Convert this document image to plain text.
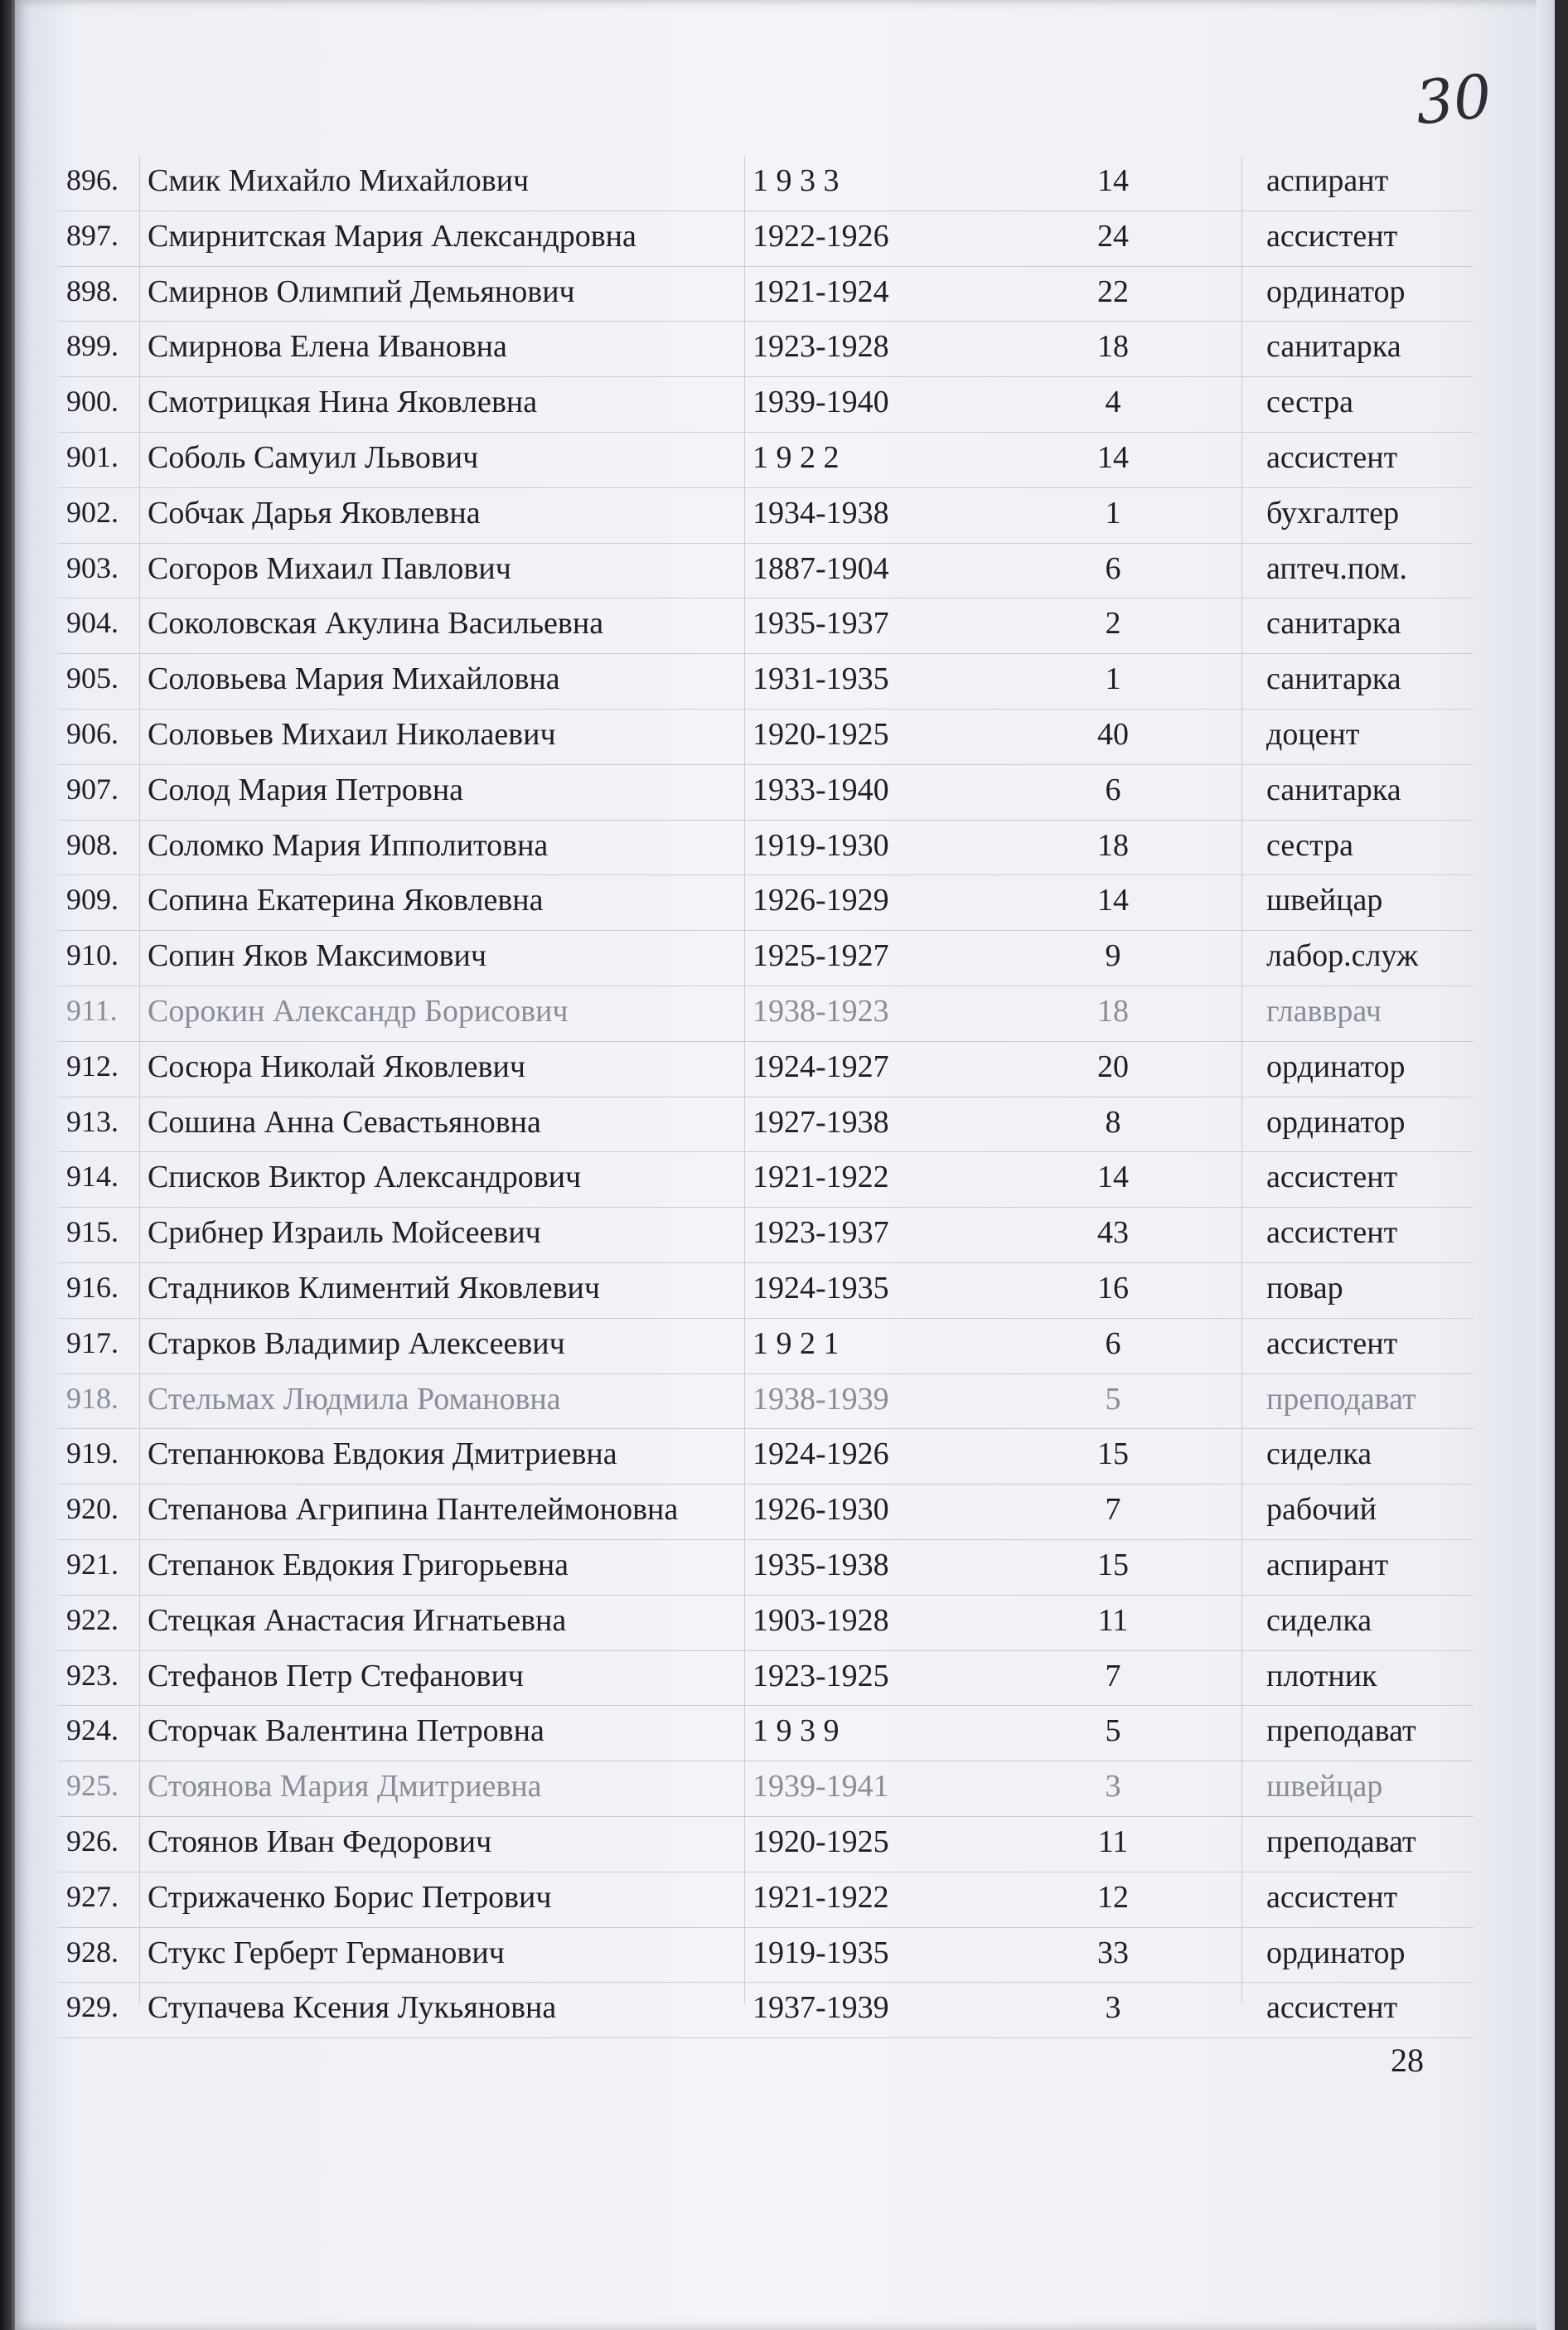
30
896. Смик Михайло Михайлович	1 9 3 3	14	аспирант
897. Смирнитская Мария Александровна	1922-1926	24	ассистент
898. Смирнов Олимпий Демьянович	1921-1924	22	ординатор
899. Смирнова Елена Ивановна	1923-1928	18	санитарка
900. Смотрицкая Нина Яковлевна	1939-1940	4	сестра
901. Соболь Самуил Львович	1 9 2 2	14	ассистент
902. Собчак Дарья Яковлевна	1934-1938	1	бухгалтер
903. Согоров Михаил Павлович	1887-1904	6	аптеч.пом.
904. Соколовская Акулина Васильевна	1935-1937	2	санитарка
905. Соловьева Мария Михайловна	1931-1935	1	санитарка
906. Соловьев Михаил Николаевич	1920-1925	40	доцент
907. Солод Мария Петровна	1933-1940	6	санитарка
908. Соломко Мария Ипполитовна	1919-1930	18	сестра
909. Сопина Екатерина Яковлевна	1926-1929	14	швейцар
910. Сопин Яков Максимович	1925-1927	9	лабор.служ
911. Сорокин Александр Борисович	1938-1923	18	главврач
912. Сосюра Николай Яковлевич	1924-1927	20	ординатор
913. Сошина Анна Севастьяновна	1927-1938	8	ординатор
914. Списков Виктор Александрович	1921-1922	14	ассистент
915. Срибнер Израиль Мойсеевич	1923-1937	43	ассистент
916. Стадников Климентий Яковлевич	1924-1935	16	повар
917. Старков Владимир Алексеевич	1 9 2 1	6	ассистент
918. Стельмах Людмила Романовна	1938-1939	5	преподават
919. Степанюкова Евдокия Дмитриевна	1924-1926	15	сиделка
920. Степанова Агрипина Пантелеймоновна 1926-1930	7	рабочий
921. Степанок Евдокия Григорьевна	1935-1938	15	аспирант
922. Стецкая Анастасия Игнатьевна	1903-1928	11	сиделка
923. Стефанов Петр Стефанович	1923-1925	7	плотник
924. Сторчак Валентина Петровна	1 9 3 9	5	преподават
925. Стоянова Мария Дмитриевна	1939-1941	3	швейцар
926. Стоянов Иван Федорович	1920-1925	11	преподават
927. Стрижаченко Борис Петрович	1921-1922	12	ассистент
928. Стукс Герберт Германович	1919-1935	33	ординатор
929. Ступачева Ксения Лукьяновна	1937-1939	3	ассистент
28
